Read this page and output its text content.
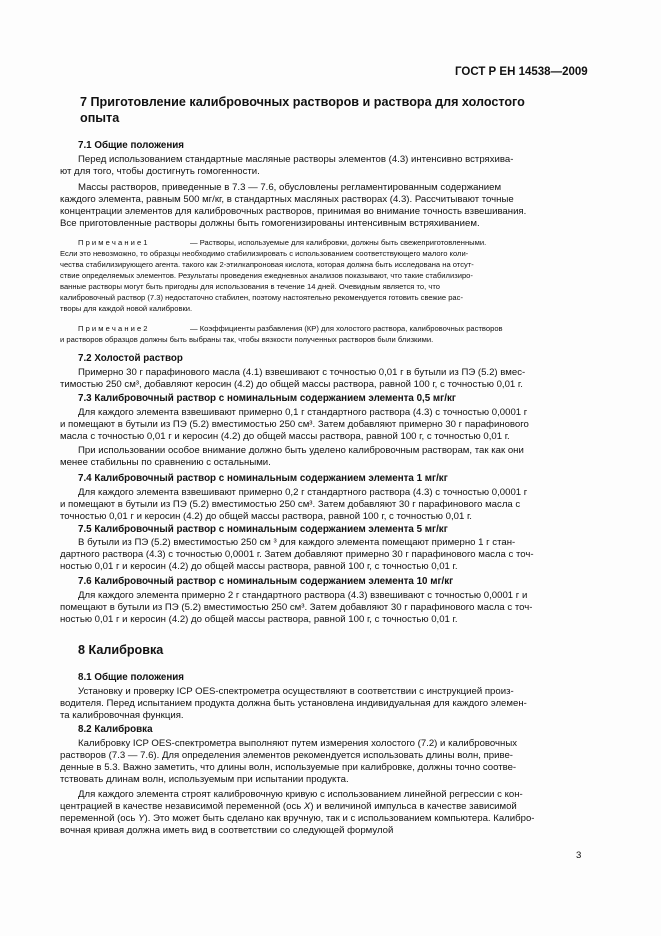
ГОСТ Р ЕН 14538—2009
7 Приготовление калибровочных растворов и раствора для холостого
опыта
7.1 Общие положения
Перед использованием стандартные масляные растворы элементов (4.3) интенсивно встряхива-
ют для того, чтобы достигнуть гомогенности.
Массы растворов, приведенные в 7.3 — 7.6, обусловлены регламентированным содержанием
каждого элемента, равным 500 мг/кг, в стандартных масляных растворах (4.3). Рассчитывают точные
концентрации элементов для калибровочных растворов, принимая во внимание точность взвешивания.
Все приготовленные растворы должны быть гомогенизированы интенсивным встряхиванием.
П р и м е ч а н и е 1	— Растворы, используемые для калибровки, должны быть свежеприготовленными.
Если это невозможно, то образцы необходимо стабилизировать с использованием соответствующего малого коли-
чества стабилизирующего агента. такого как 2-этилкапроновая кислота, которая должна быть исследована на отсут-
ствие определяемых элементов. Результаты проведения ежедневных анализов показывают, что такие стабилизиро-
ванные растворы могут быть пригодны для использования в течение 14 дней. Очевидным является то, что
калибровочный раствор (7.3) недостаточно стабилен, поэтому настоятельно рекомендуется готовить свежие рас-
творы для каждой новой калибровки.
П р и м е ч а н и е 2	— Коэффициенты разбавления (КР) для холостого раствора, калибровочных растворов
и растворов образцов должны быть выбраны так, чтобы вязкости полученных растворов были близкими.
7.2 Холостой раствор
Примерно 30 г парафинового масла (4.1) взвешивают с точностью 0,01 г в бутыли из ПЭ (5.2) вмес-
тимостью 250 см³, добавляют керосин (4.2) до общей массы раствора, равной 100 г, с точностью 0,01 г.
7.3 Калибровочный раствор с номинальным содержанием элемента 0,5 мг/кг
Для каждого элемента взвешивают примерно 0,1 г стандартного раствора (4.3) с точностью 0,0001 г
и помещают в бутыли из ПЭ (5.2) вместимостью 250 см³. Затем добавляют примерно 30 г парафинового
масла с точностью 0,01 г и керосин (4.2) до общей массы раствора, равной 100 г, с точностью 0,01 г.
При использовании особое внимание должно быть уделено калибровочным растворам, так как они
менее стабильны по сравнению с остальными.
7.4 Калибровочный раствор с номинальным содержанием элемента 1 мг/кг
Для каждого элемента взвешивают примерно 0,2 г стандартного раствора (4.3) с точностью 0,0001 г
и помещают в бутыли из ПЭ (5.2) вместимостью 250 см³. Затем добавляют 30 г парафинового масла с
точностью 0,01 г и керосин (4.2) до общей массы раствора, равной 100 г, с точностью 0,01 г.
7.5 Калибровочный раствор с номинальным содержанием элемента 5 мг/кг
В бутыли из ПЭ (5.2) вместимостью 250 см ³ для каждого элемента помещают примерно 1 г стан-
дартного раствора (4.3) с точностью 0,0001 г. Затем добавляют примерно 30 г парафинового масла с точ-
ностью 0,01 г и керосин (4.2) до общей массы раствора, равной 100 г, с точностью 0,01 г.
7.6 Калибровочный раствор с номинальным содержанием элемента 10 мг/кг
Для каждого элемента примерно 2 г стандартного раствора (4.3) взвешивают с точностью 0,0001 г и
помещают в бутыли из ПЭ (5.2) вместимостью 250 см³. Затем добавляют 30 г парафинового масла с точ-
ностью 0,01 г и керосин (4.2) до общей массы раствора, равной 100 г, с точностью 0,01 г.
8 Калибровка
8.1 Общие положения
Установку и проверку ICP OES-спектрометра осуществляют в соответствии с инструкцией произ-
водителя. Перед испытанием продукта должна быть установлена индивидуальная для каждого элемен-
та калибровочная функция.
8.2 Калибровка
Калибровку ICP OES-спектрометра выполняют путем измерения холостого (7.2) и калибровочных
растворов (7.3 — 7.6). Для определения элементов рекомендуется использовать длины волн, приве-
денные в 5.3. Важно заметить, что длины волн, используемые при калибровке, должны точно соотве-
тствовать длинам волн, используемым при испытании продукта.
Для каждого элемента строят калибровочную кривую с использованием линейной регрессии с кон-
центрацией в качестве независимой переменной (ось X) и величиной импульса в качестве зависимой
переменной (ось Y). Это может быть сделано как вручную, так и с использованием компьютера. Калибро-
вочная кривая должна иметь вид в соответствии со следующей формулой
3
